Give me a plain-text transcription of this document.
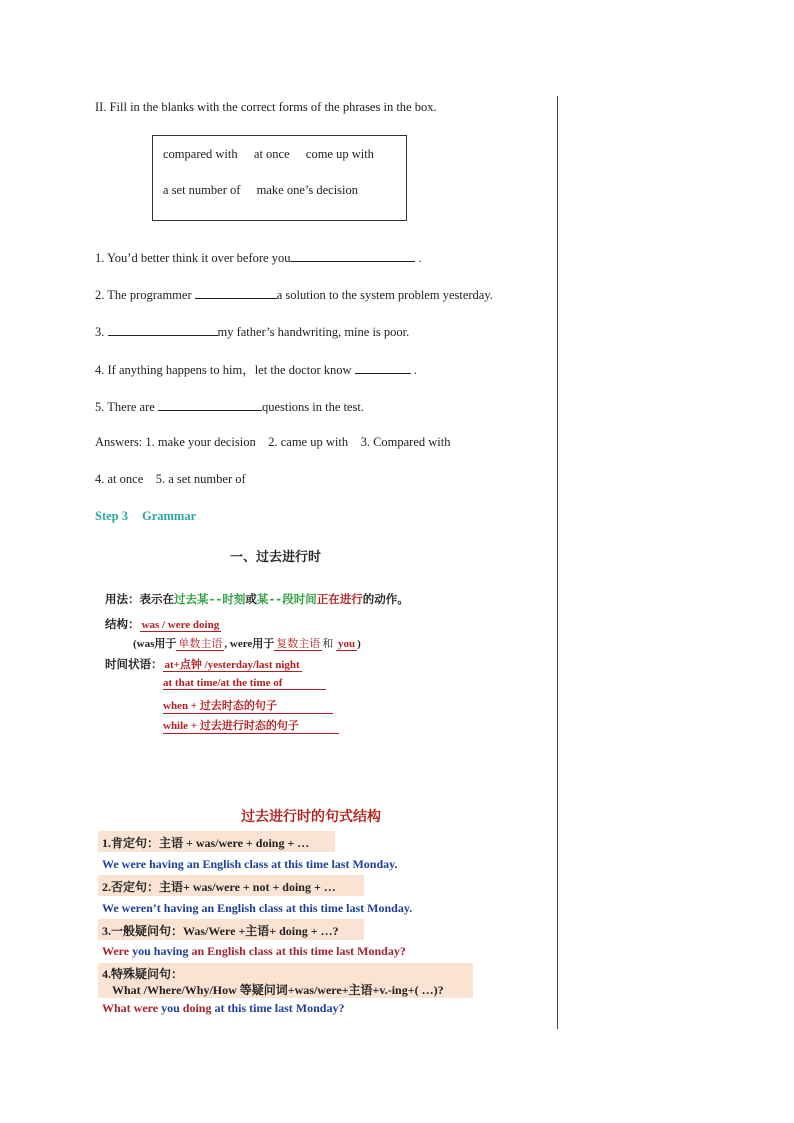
II. Fill in the blanks with the correct forms of the phrases in the box.
compared with at once come up with
a set number of make one’s decision
1. You’d better think it over before you	.
2. The programmer	a solution to the system problem yesterday.
3.	my father’s handwriting, mine is poor.
4. If anything happens to him，let the doctor know	.
5. There are	questions in the test.
Answers: 1. make your decision    2. came up with    3. Compared with
4. at once    5. a set number of
Step 3 Grammar
一、过去进行时
用法：表示在过去某--时刻或某--段时间正在进行的动作。
结构： was / were doing
(was用于 单数主语 , were用于 复数主语 和 you )
时间状语： at+点钟 /yesterday/last night
at that time/at the time of
when + 过去时态的句子
while + 过去进行时态的句子
过去进行时的句式结构
1.肯定句：主语 + was/were + doing + …
We were having an English class at this time last Monday.
2.否定句：主语+ was/were + not + doing + …
We weren’t having an English class at this time last Monday.
3.一般疑问句：Was/Were +主语+ doing + …?
Were you having an English class at this time last Monday?
4.特殊疑问句：
What /Where/Why/How 等疑问词+was/were+主语+v.-ing+( …)?
What were you doing at this time last Monday?
